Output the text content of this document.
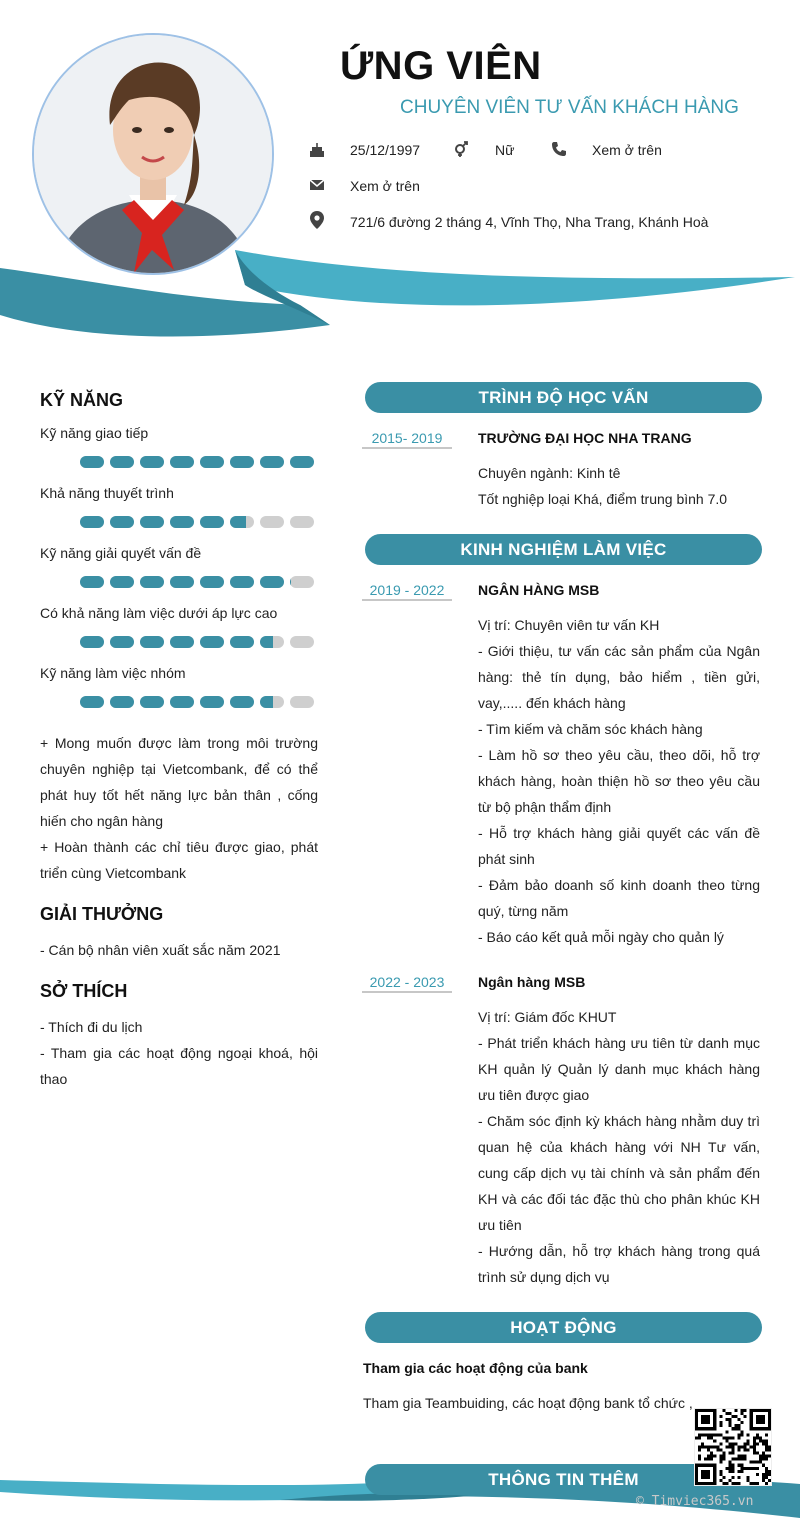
ỨNG VIÊN
CHUYÊN VIÊN TƯ VẤN KHÁCH HÀNG
25/12/1997	Nữ	Xem ở trên
Xem ở trên
721/6 đường 2 tháng 4, Vĩnh Thọ, Nha Trang, Khánh Hoà
KỸ NĂNG
Kỹ năng giao tiếp
Khả năng thuyết trình
Kỹ năng giải quyết vấn đề
Có khả năng làm việc dưới áp lực cao
Kỹ năng làm việc nhóm
+ Mong muốn được làm trong môi trường chuyên nghiệp tại Vietcombank, để có thể phát huy tốt hết năng lực bản thân , cống hiến cho ngân hàng
+ Hoàn thành các chỉ tiêu được giao, phát triển cùng Vietcombank
GIẢI THƯỞNG
- Cán bộ nhân viên xuất sắc năm 2021
SỞ THÍCH
- Thích đi du lịch
- Tham gia các hoạt động ngoại khoá, hội thao
TRÌNH ĐỘ HỌC VẤN
2015- 2019	TRƯỜNG ĐẠI HỌC NHA TRANG
Chuyên ngành: Kinh tê
Tốt nghiệp loại Khá, điểm trung bình 7.0
KINH NGHIỆM LÀM VIỆC
2019 - 2022	NGÂN HÀNG MSB
Vị trí: Chuyên viên tư vấn KH
- Giới thiệu, tư vấn các sản phẩm của Ngân hàng: thẻ tín dụng, bảo hiểm , tiền gửi, vay,..... đến khách hàng
- Tìm kiếm và chăm sóc khách hàng
- Làm hồ sơ theo yêu cầu, theo dõi, hỗ trợ khách hàng, hoàn thiện hồ sơ theo yêu cầu từ bộ phận thẩm định
- Hỗ trợ khách hàng giải quyết các vấn đề phát sinh
- Đảm bảo doanh số kinh doanh theo từng quý, từng năm
- Báo cáo kết quả mỗi ngày cho quản lý
2022 - 2023	Ngân hàng MSB
Vị trí: Giám đốc KHUT
- Phát triển khách hàng ưu tiên từ danh mục KH quản lý Quản lý danh mục khách hàng ưu tiên được giao
- Chăm sóc định kỳ khách hàng nhằm duy trì quan hệ của khách hàng với NH Tư vấn, cung cấp dịch vụ tài chính và sản phẩm đến KH và các đối tác đặc thù cho phân khúc KH ưu tiên
- Hướng dẫn, hỗ trợ khách hàng trong quá trình sử dụng dịch vụ
HOẠT ĐỘNG
Tham gia các hoạt động của bank
Tham gia Teambuiding, các hoạt động bank tổ chức ,
THÔNG TIN THÊM
© Timviec365.vn
